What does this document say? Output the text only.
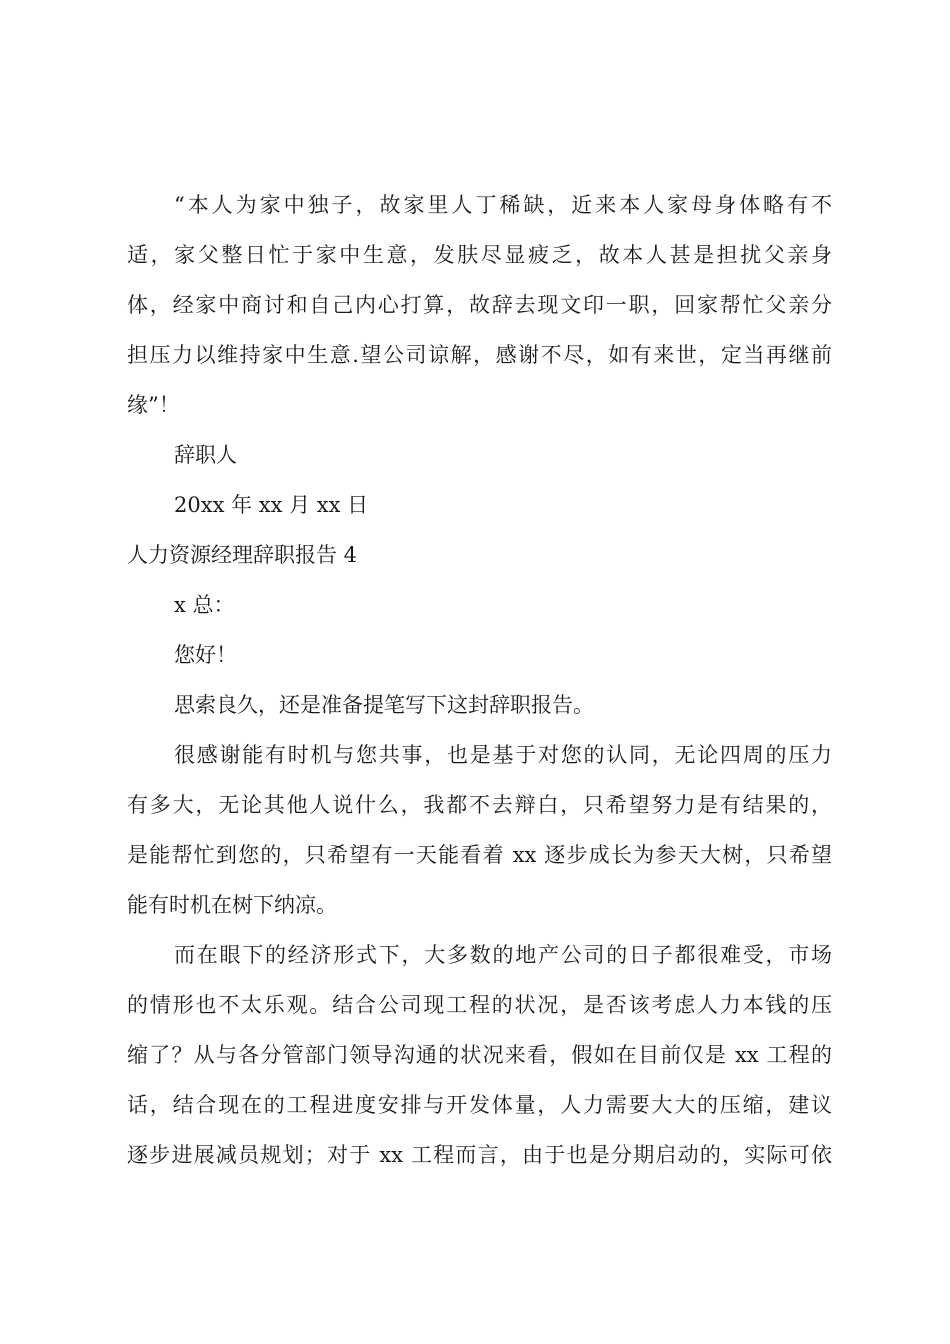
“本人为家中独子，故家里人丁稀缺，近来本人家母身体略有不
适，家父整日忙于家中生意，发肤尽显疲乏，故本人甚是担扰父亲身
体，经家中商讨和自己内心打算，故辞去现文印一职，回家帮忙父亲分
担压力以维持家中生意.望公司谅解，感谢不尽，如有来世，定当再继前
缘”！
辞职人
20xx 年 xx 月 xx 日
人力资源经理辞职报告 4
x 总：
您好！
思索良久，还是准备提笔写下这封辞职报告。
很感谢能有时机与您共事，也是基于对您的认同，无论四周的压力
有多大，无论其他人说什么，我都不去辩白，只希望努力是有结果的，
是能帮忙到您的，只希望有一天能看着 xx 逐步成长为参天大树，只希望
能有时机在树下纳凉。
而在眼下的经济形式下，大多数的地产公司的日子都很难受，市场
的情形也不太乐观。结合公司现工程的状况，是否该考虑人力本钱的压
缩了？从与各分管部门领导沟通的状况来看，假如在目前仅是 xx 工程的
话，结合现在的工程进度安排与开发体量，人力需要大大的压缩，建议
逐步进展减员规划；对于 xx 工程而言，由于也是分期启动的，实际可依
